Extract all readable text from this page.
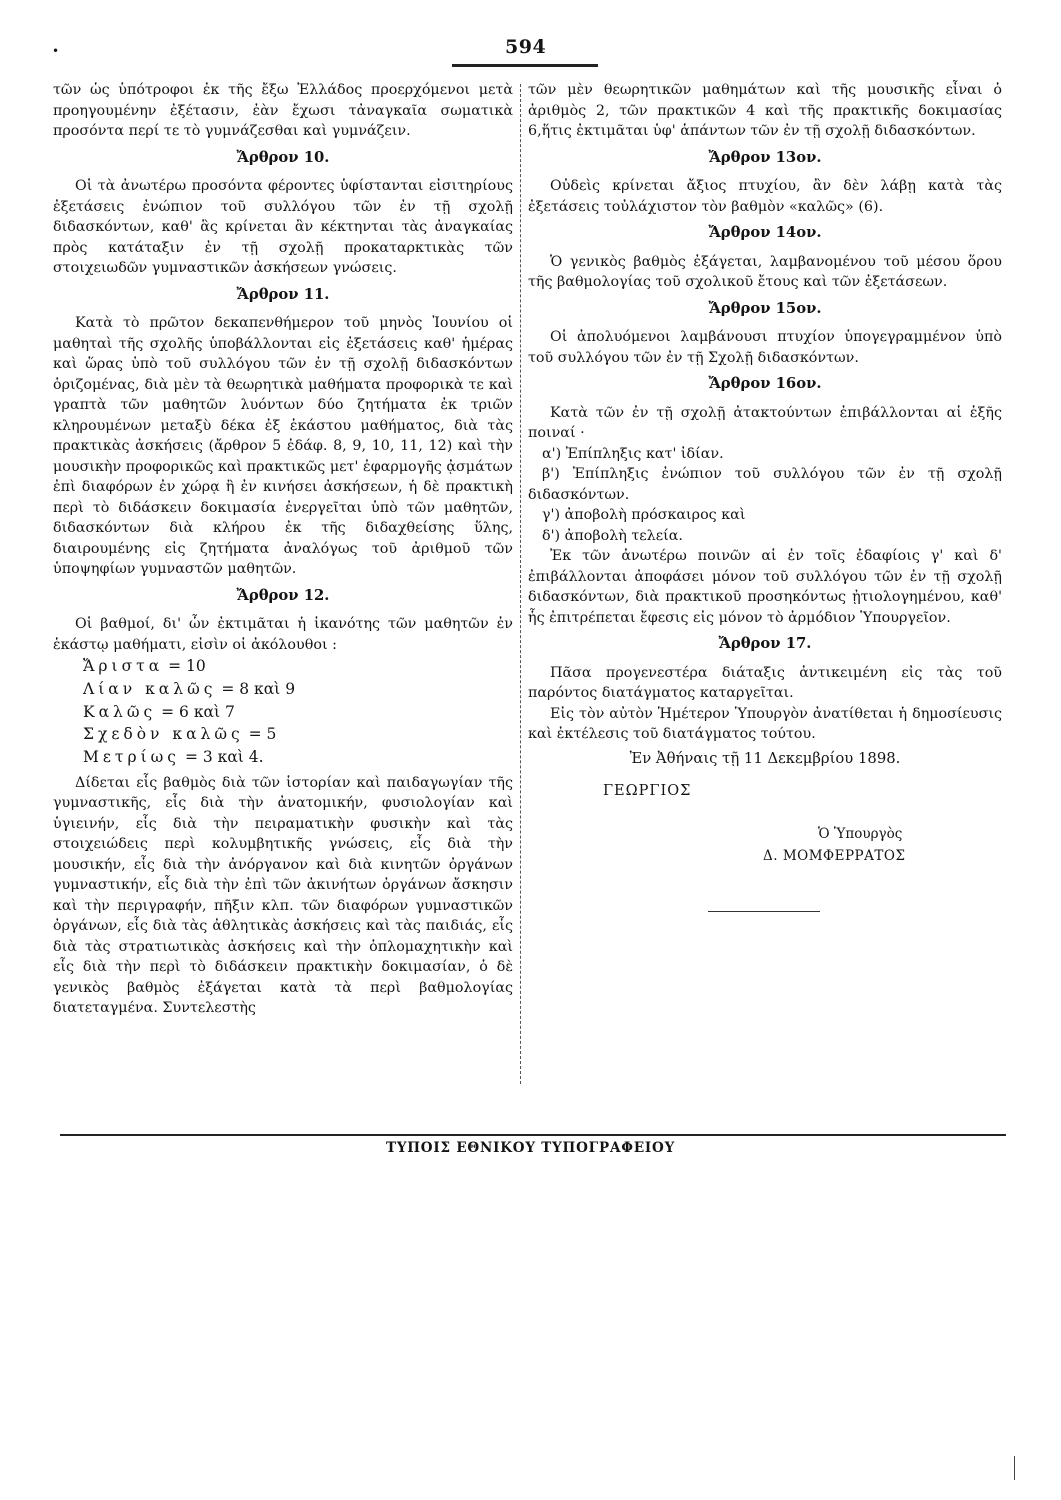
•	594

τῶν ὡς ὑπότροφοι ἐκ τῆς ἔξω Ἑλλάδος προερχόμενοι μετὰ προηγουμένην ἐξέτασιν, ἐὰν ἔχωσι τἀναγκαῖα σωματικὰ προσόντα περί τε τὸ γυμνάζεσθαι καὶ γυμνάζειν.

Ἄρθρον 10.

Οἱ τὰ ἀνωτέρω προσόντα φέροντες ὑφίστανται εἰσιτηρίους ἐξετάσεις ἐνώπιον τοῦ συλλόγου τῶν ἐν τῇ σχολῇ διδασκόντων, καθ' ἃς κρίνεται ἂν κέκτηνται τὰς ἀναγκαίας πρὸς κατάταξιν ἐν τῇ σχολῇ προκαταρκτικὰς τῶν στοιχειωδῶν γυμναστικῶν ἀσκήσεων γνώσεις.

Ἄρθρον 11.

Κατὰ τὸ πρῶτον δεκαπενθήμερον τοῦ μηνὸς Ἰουνίου οἱ μαθηταὶ τῆς σχολῆς ὑποβάλλονται εἰς ἐξετάσεις καθ' ἡμέρας καὶ ὥρας ὑπὸ τοῦ συλλόγου τῶν ἐν τῇ σχολῇ διδασκόντων ὁριζομένας, διὰ μὲν τὰ θεωρητικὰ μαθήματα προφορικὰ τε καὶ γραπτὰ τῶν μαθητῶν λυόντων δύο ζητήματα ἐκ τριῶν κληρουμένων μεταξὺ δέκα ἐξ ἑκάστου μαθήματος, διὰ τὰς πρακτικὰς ἀσκήσεις (ἄρθρον 5 ἐδάφ. 8, 9, 10, 11, 12) καὶ τὴν μουσικὴν προφορικῶς καὶ πρακτικῶς μετ' ἐφαρμογῆς ᾀσμάτων ἐπὶ διαφόρων ἐν χώρᾳ ἢ ἐν κινήσει ἀσκήσεων, ἡ δὲ πρακτικὴ περὶ τὸ διδάσκειν δοκιμασία ἐνεργεῖται ὑπὸ τῶν μαθητῶν, διδασκόντων διὰ κλήρου ἐκ τῆς διδαχθείσης ὕλης, διαιρουμένης εἰς ζητήματα ἀναλόγως τοῦ ἀριθμοῦ τῶν ὑποψηφίων γυμναστῶν μαθητῶν.

Ἄρθρον 12.

Οἱ βαθμοί, δι' ὧν ἐκτιμᾶται ἡ ἱκανότης τῶν μαθητῶν ἐν ἑκάστῳ μαθήματι, εἰσὶν οἱ ἀκόλουθοι :

Ἄριστα = 10
Λίαν καλῶς = 8 καὶ 9
Καλῶς = 6 καὶ 7
Σχεδὸν καλῶς = 5
Μετρίως = 3 καὶ 4.

Δίδεται εἷς βαθμὸς διὰ τῶν ἱστορίαν καὶ παιδαγωγίαν τῆς γυμναστικῆς, εἷς διὰ τὴν ἀνατομικήν, φυσιολογίαν καὶ ὑγιεινήν, εἷς διὰ τὴν πειραματικὴν φυσικὴν καὶ τὰς στοιχειώδεις περὶ κολυμβητικῆς γνώσεις, εἷς διὰ τὴν μουσικήν, εἷς διὰ τὴν ἀνόργανον καὶ διὰ κινητῶν ὀργάνων γυμναστικήν, εἷς διὰ τὴν ἐπὶ τῶν ἀκινήτων ὀργάνων ἄσκησιν καὶ τὴν περιγραφήν, πῆξιν κλπ. τῶν διαφόρων γυμναστικῶν ὀργάνων, εἷς διὰ τὰς ἀθλητικὰς ἀσκήσεις καὶ τὰς παιδιάς, εἷς διὰ τὰς στρατιωτικὰς ἀσκήσεις καὶ τὴν ὁπλομαχητικὴν καὶ εἷς διὰ τὴν περὶ τὸ διδάσκειν πρακτικὴν δοκιμασίαν, ὁ δὲ γενικὸς βαθμὸς ἐξάγεται κατὰ τὰ περὶ βαθμολογίας διατεταγμένα. Συντελεστὴς

τῶν μὲν θεωρητικῶν μαθημάτων καὶ τῆς μουσικῆς εἶναι ὁ ἀριθμὸς 2, τῶν πρακτικῶν 4 καὶ τῆς πρακτικῆς δοκιμασίας 6,ἥτις ἐκτιμᾶται ὑφ' ἁπάντων τῶν ἐν τῇ σχολῇ διδασκόντων.

Ἄρθρον 13ον.

Οὐδεὶς κρίνεται ἄξιος πτυχίου, ἂν δὲν λάβῃ κατὰ τὰς ἐξετάσεις τοὐλάχιστον τὸν βαθμὸν «καλῶς» (6).

Ἄρθρον 14ον.

Ὁ γενικὸς βαθμὸς ἐξάγεται, λαμβανομένου τοῦ μέσου ὅρου τῆς βαθμολογίας τοῦ σχολικοῦ ἔτους καὶ τῶν ἐξετάσεων.

Ἄρθρον 15ον.

Οἱ ἀπολυόμενοι λαμβάνουσι πτυχίον ὑπογεγραμμένον ὑπὸ τοῦ συλλόγου τῶν ἐν τῇ Σχολῇ διδασκόντων.

Ἄρθρον 16ον.

Κατὰ τῶν ἐν τῇ σχολῇ ἀτακτούντων ἐπιβάλλονται αἱ ἑξῆς ποιναί ·

α') Ἐπίπληξις κατ' ἰδίαν.
β') Ἐπίπληξις ἐνώπιον τοῦ συλλόγου τῶν ἐν τῇ σχολῇ διδασκόντων.
γ') ἀποβολὴ πρόσκαιρος καὶ
δ') ἀποβολὴ τελεία.

Ἐκ τῶν ἀνωτέρω ποινῶν αἱ ἐν τοῖς ἐδαφίοις γ' καὶ δ' ἐπιβάλλονται ἀποφάσει μόνον τοῦ συλλόγου τῶν ἐν τῇ σχολῇ διδασκόντων, διὰ πρακτικοῦ προσηκόντως ᾐτιολογημένου, καθ' ἧς ἐπιτρέπεται ἔφεσις εἰς μόνον τὸ ἁρμόδιον Ὑπουργεῖον.

Ἄρθρον 17.

Πᾶσα προγενεστέρα διάταξις ἀντικειμένη εἰς τὰς τοῦ παρόντος διατάγματος καταργεῖται.

Εἰς τὸν αὐτὸν Ἡμέτερον Ὑπουργὸν ἀνατίθεται ἡ δημοσίευσις καὶ ἐκτέλεσις τοῦ διατάγματος τούτου.

Ἐν Ἀθήναις τῇ 11 Δεκεμβρίου 1898.
ΓΕΩΡΓΙΟΣ
Ὁ Ὑπουργὸς
Δ. ΜΟΜΦΕΡΡΑΤΟΣ
ΤΥΠΟΙΣ ΕΘΝΙΚΟΥ ΤΥΠΟΓΡΑΦΕΙΟΥ
